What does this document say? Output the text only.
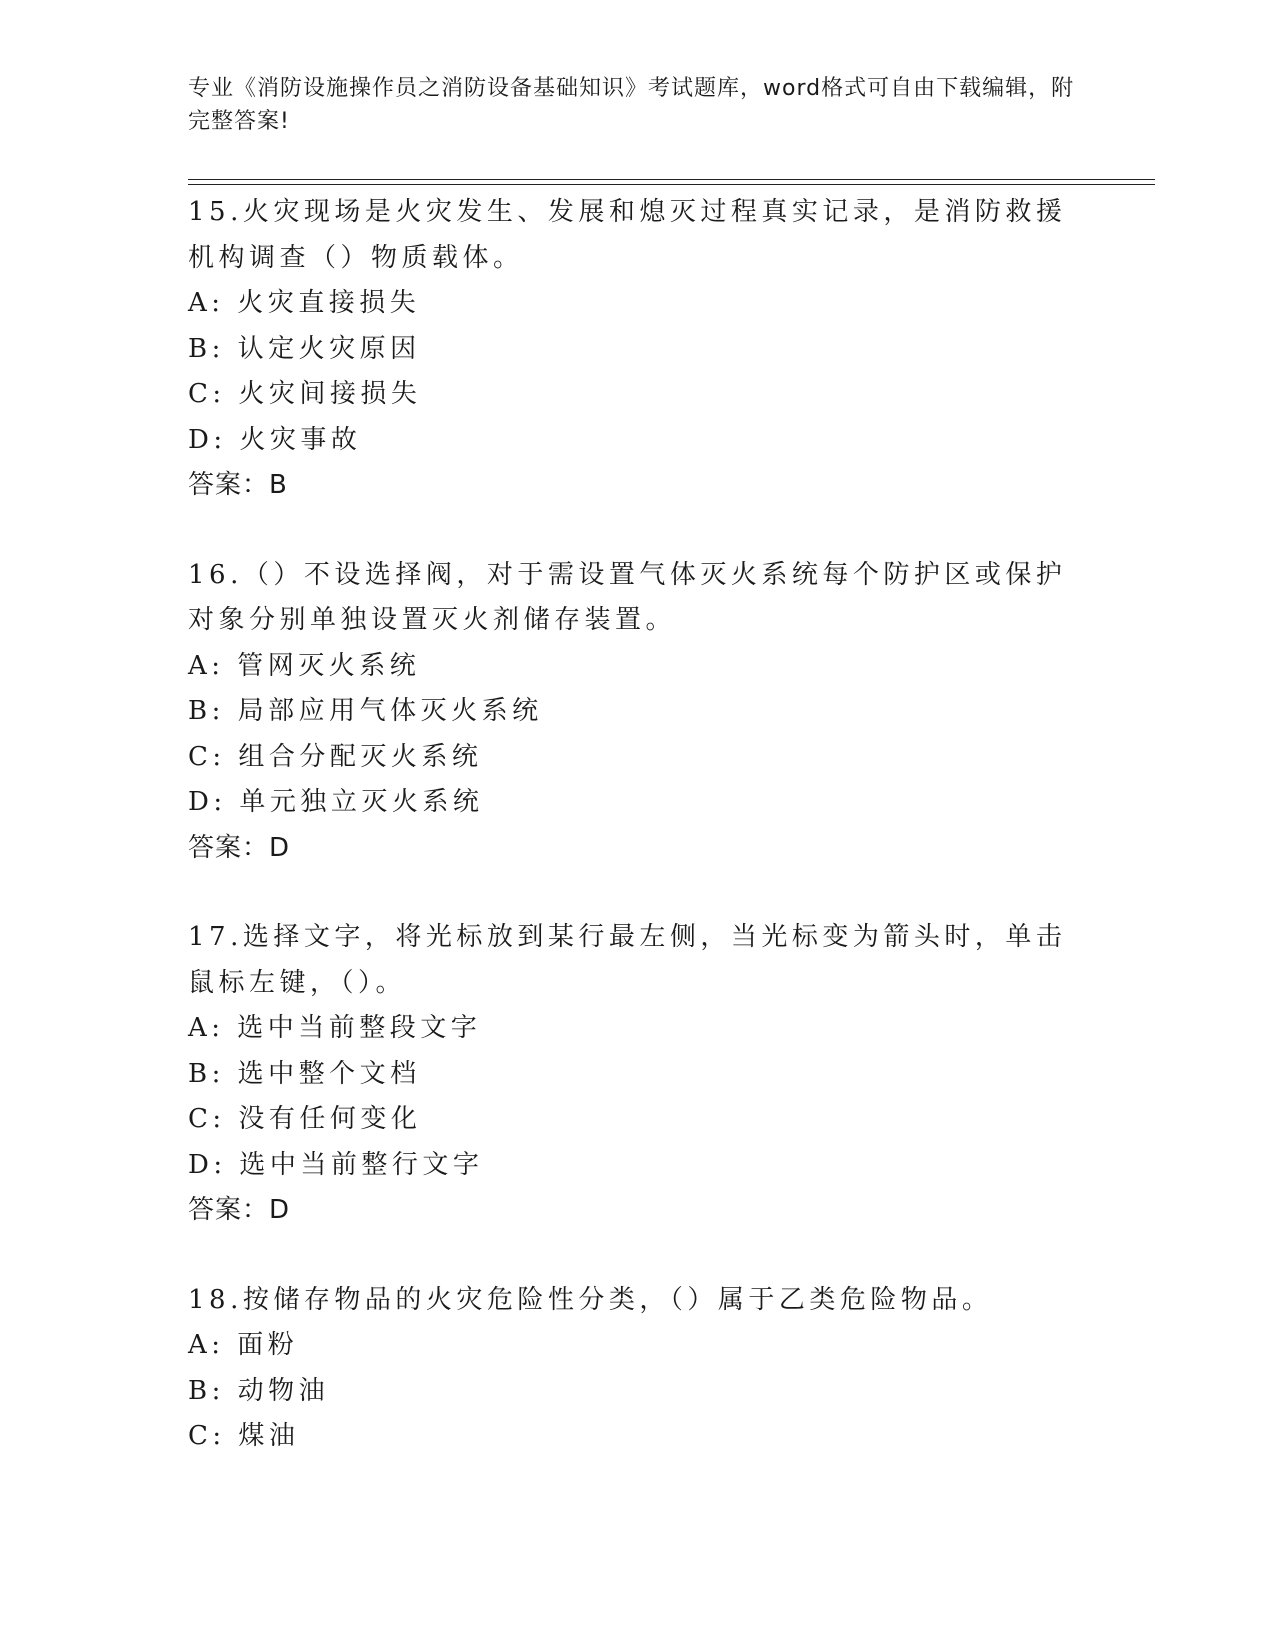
专业《消防设施操作员之消防设备基础知识》考试题库，word格式可自由下载编辑，附完整答案!
15.火灾现场是火灾发生、发展和熄灭过程真实记录，是消防救援机构调查（）物质载体。
A: 火灾直接损失
B: 认定火灾原因
C: 火灾间接损失
D: 火灾事故
答案：B
16.（）不设选择阀，对于需设置气体灭火系统每个防护区或保护对象分别单独设置灭火剂储存装置。
A: 管网灭火系统
B: 局部应用气体灭火系统
C: 组合分配灭火系统
D: 单元独立灭火系统
答案：D
17.选择文字，将光标放到某行最左侧，当光标变为箭头时，单击鼠标左键，（）。
A: 选中当前整段文字
B: 选中整个文档
C: 没有任何变化
D: 选中当前整行文字
答案：D
18.按储存物品的火灾危险性分类，（）属于乙类危险物品。
A: 面粉
B: 动物油
C: 煤油
